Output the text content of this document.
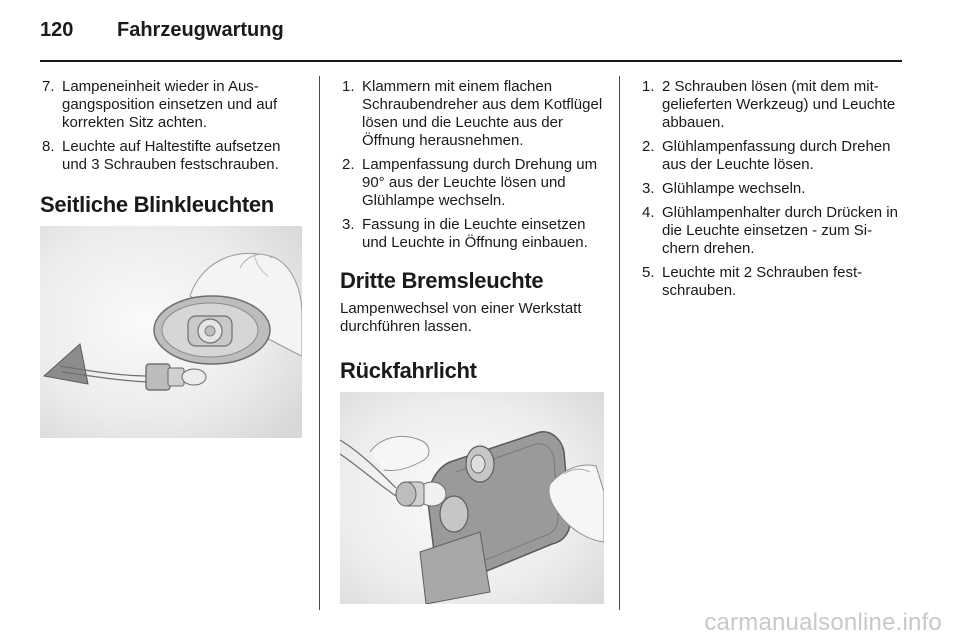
120 Fahrzeugwartung
7. Lampeneinheit wieder in Ausgangsposition einsetzen und auf korrekten Sitz achten.
8. Leuchte auf Haltestifte aufsetzen und 3 Schrauben festschrauben.
Seitliche Blinkleuchten
1. Klammern mit einem flachen Schraubendreher aus dem Kotflügel lösen und die Leuchte aus der Öffnung herausnehmen.
2. Lampenfassung durch Drehung um 90° aus der Leuchte lösen und Glühlampe wechseln.
3. Fassung in die Leuchte einsetzen und Leuchte in Öffnung einbauen.
Dritte Bremsleuchte

Lampenwechsel von einer Werkstatt durchführen lassen.

Rückfahrlicht
1. 2 Schrauben lösen (mit dem mitgelieferten Werkzeug) und Leuchte abbauen.
2. Glühlampenfassung durch Drehen aus der Leuchte lösen.
3. Glühlampe wechseln.
4. Glühlampenhalter durch Drücken in die Leuchte einsetzen - zum Sichern drehen.
5. Leuchte mit 2 Schrauben festschrauben.
carmanualsonline.info
